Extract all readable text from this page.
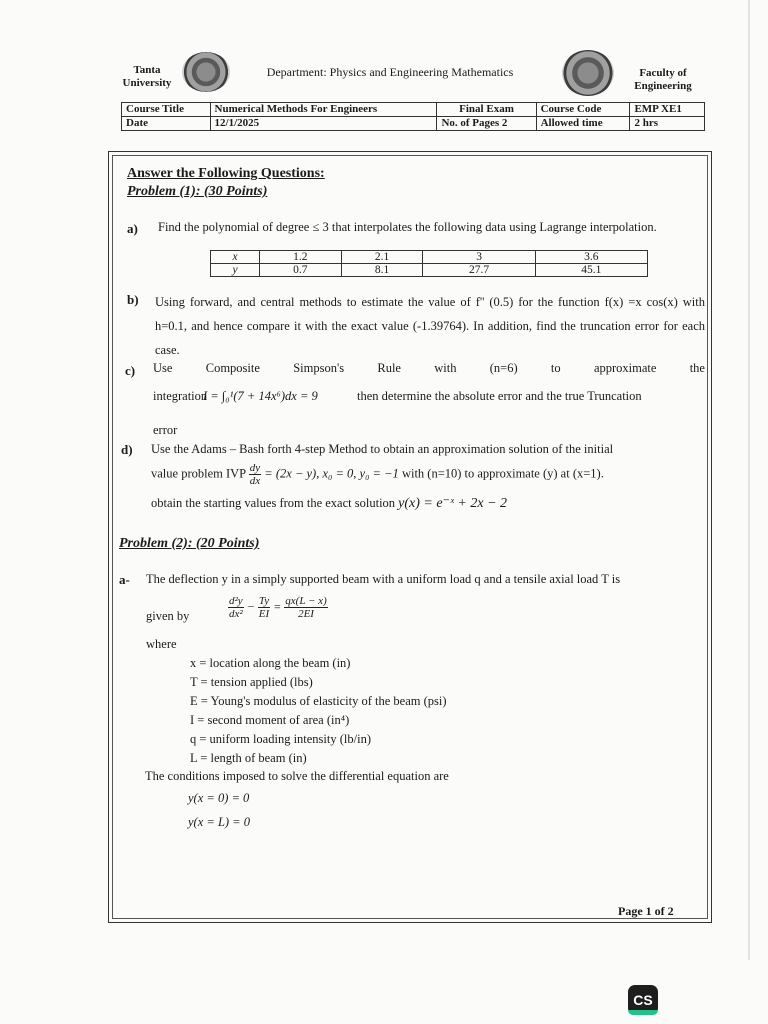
Tanta University
Department: Physics and Engineering Mathematics	Faculty of Engineering
Course Title	Numerical Methods For Engineers	Final Exam	Course Code	EMP XE1
Date	12/1/2025	No. of Pages 2	Allowed time	2 hrs
Answer the Following Questions:
Problem (1): (30 Points)
a) Find the polynomial of degree ≤ 3 that interpolates the following data using Lagrange interpolation.
x	1.2	2.1	3	3.6
y	0.7	8.1	27.7	45.1
b) Using forward, and central methods to estimate the value of f'' (0.5) for the function f(x) =x cos(x) with h=0.1, and hence compare it with the exact value (-1.39764). In addition, find the truncation error for each case.
c) Use	Composite	Simpson's	Rule	with	(n=6)	to	approximate	the
integration
I = ∫₀¹(7 + 14x⁶)dx = 9	then determine the absolute error and the true Truncation
error
d) Use the Adams – Bash forth 4-step Method to obtain an approximation solution of the initial
value problem IVP $\frac{dy}{dx} = (2x - y)$, x₀ = 0, y₀ = −1 with (n=10) to approximate (y) at (x=1).
obtain the starting values from the exact solution y(x) = e⁻ˣ + 2x − 2
Problem (2): (20 Points)
a- The deflection y in a simply supported beam with a uniform load q and a tensile axial load T is
given by	$\frac{\text{d²y}}{\text{dx²}} - \frac{Ty}{EI} = \frac{qx(L - x)}{2EI}$
where
x = location along the beam (in)
T = tension applied (lbs)
E = Young's modulus of elasticity of the beam (psi)
I = second moment of area (in⁴)
q = uniform loading intensity (lb/in)
L = length of beam (in)
The conditions imposed to solve the differential equation are
y(x = 0) = 0
y(x = L) = 0
Page 1 of 2
CS
